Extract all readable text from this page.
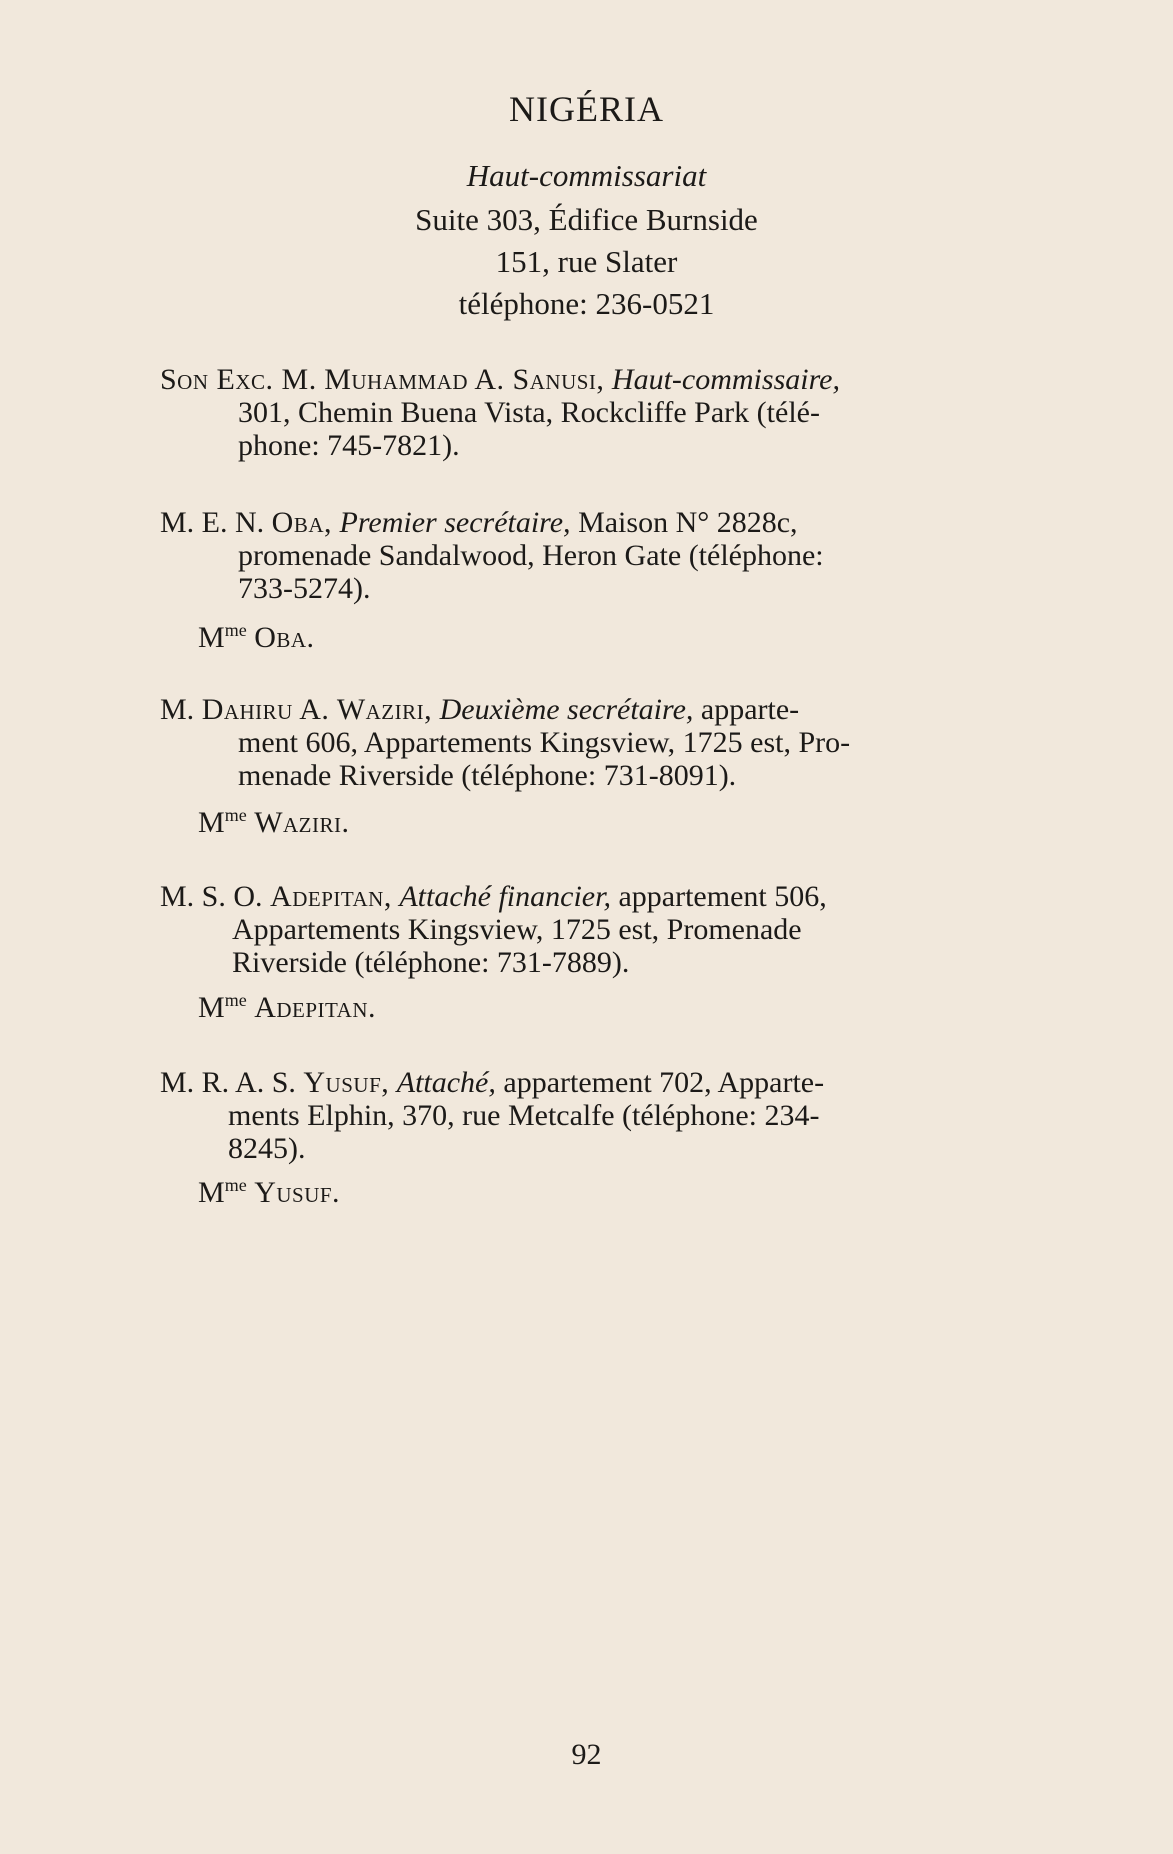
NIGÉRIA
Haut-commissariat
Suite 303, Édifice Burnside
151, rue Slater
téléphone: 236-0521
Son Exc. M. Muhammad A. Sanusi, Haut-commissaire,
301, Chemin Buena Vista, Rockcliffe Park (télé-
phone: 745-7821).
M. E. N. Oba, Premier secrétaire, Maison N° 2828c,
promenade Sandalwood, Heron Gate (téléphone:
733-5274).
$M^{me}$ Oba.
M. Dahiru A. Waziri, Deuxième secrétaire, apparte-
ment 606, Appartements Kingsview, 1725 est, Pro-
menade Riverside (téléphone: 731-8091).
$M^{me}$ Waziri.
M. S. O. Adepitan, Attaché financier, appartement 506,
Appartements Kingsview, 1725 est, Promenade
Riverside (téléphone: 731-7889).
$M^{me}$ Adepitan.
M. R. A. S. Yusuf, Attaché, appartement 702, Apparte-
ments Elphin, 370, rue Metcalfe (téléphone: 234-
8245).
$M^{me}$ Yusuf.
92
